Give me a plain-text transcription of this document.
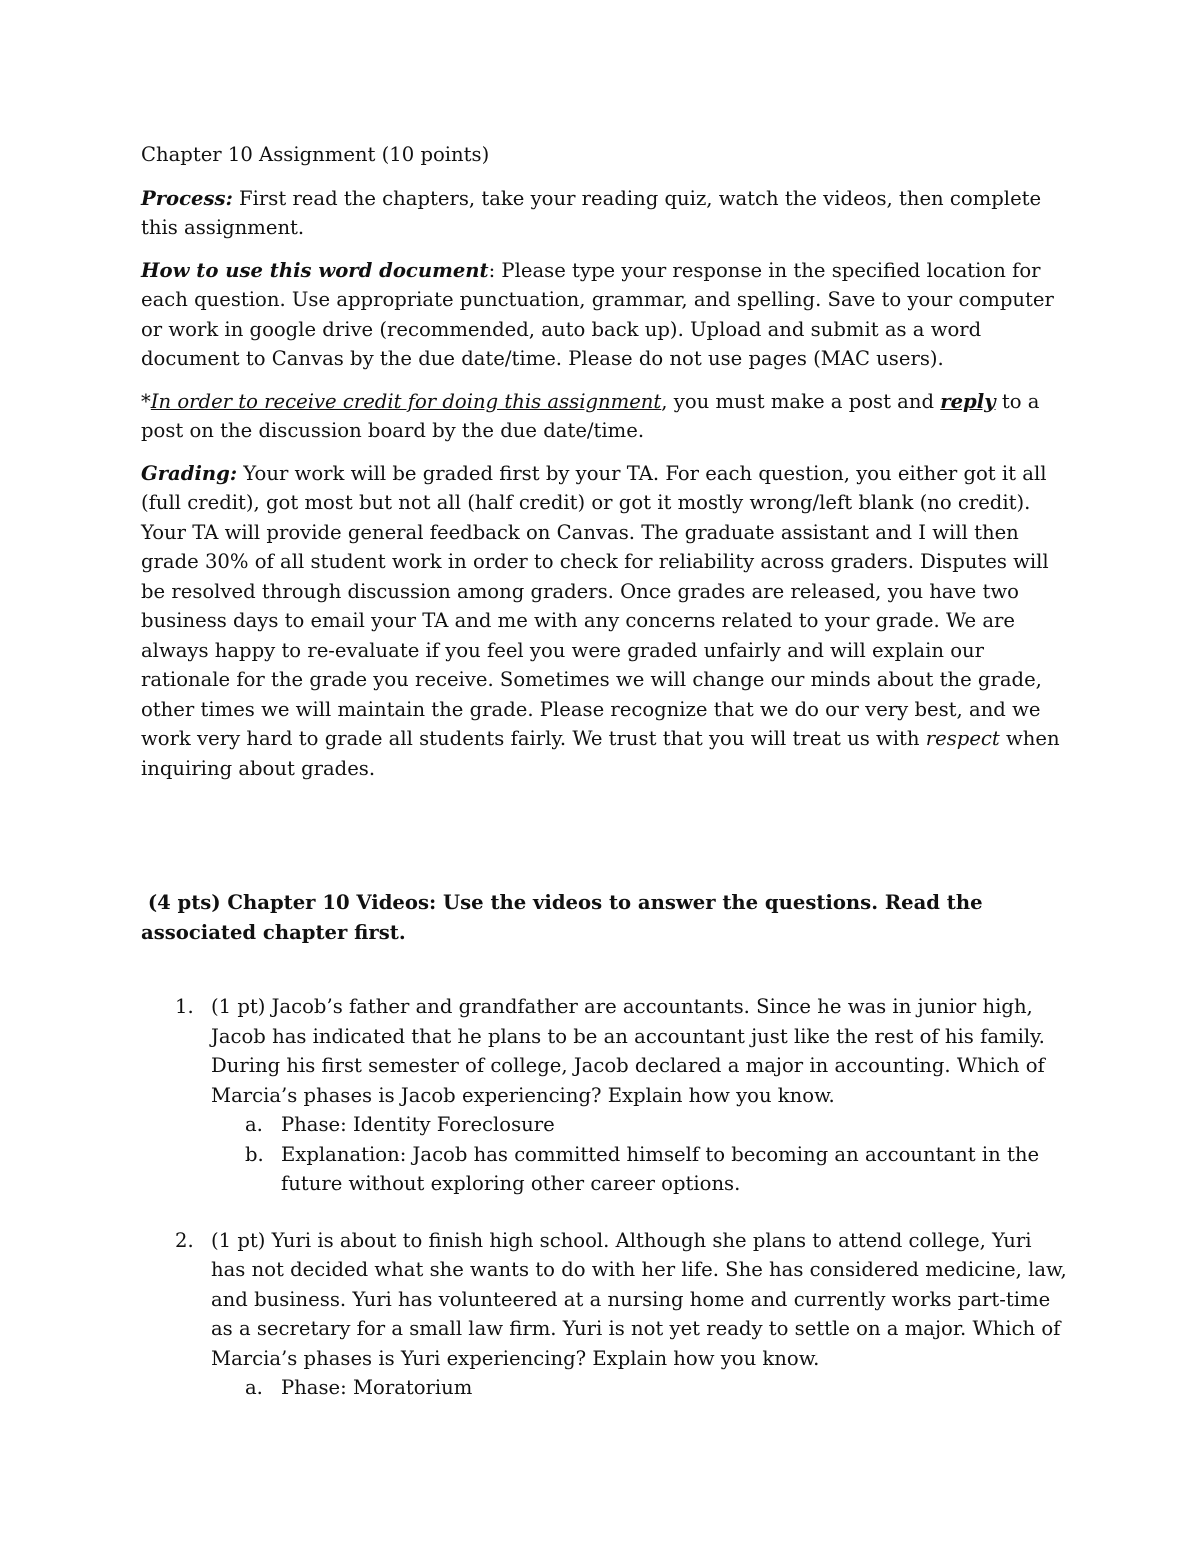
Chapter 10 Assignment (10 points)

Process: First read the chapters, take your reading quiz, watch the videos, then complete this assignment.

How to use this word document: Please type your response in the specified location for each question. Use appropriate punctuation, grammar, and spelling. Save to your computer or work in google drive (recommended, auto back up). Upload and submit as a word document to Canvas by the due date/time. Please do not use pages (MAC users).

*In order to receive credit for doing this assignment, you must make a post and reply to a post on the discussion board by the due date/time.

Grading: Your work will be graded first by your TA. For each question, you either got it all (full credit), got most but not all (half credit) or got it mostly wrong/left blank (no credit). Your TA will provide general feedback on Canvas. The graduate assistant and I will then grade 30% of all student work in order to check for reliability across graders. Disputes will be resolved through discussion among graders. Once grades are released, you have two business days to email your TA and me with any concerns related to your grade. We are always happy to re-evaluate if you feel you were graded unfairly and will explain our rationale for the grade you receive. Sometimes we will change our minds about the grade, other times we will maintain the grade. Please recognize that we do our very best, and we work very hard to grade all students fairly. We trust that you will treat us with respect when inquiring about grades.

(4 pts) Chapter 10 Videos: Use the videos to answer the questions. Read the associated chapter first.

1. (1 pt) Jacob’s father and grandfather are accountants. Since he was in junior high, Jacob has indicated that he plans to be an accountant just like the rest of his family. During his first semester of college, Jacob declared a major in accounting. Which of Marcia’s phases is Jacob experiencing? Explain how you know.
a. Phase: Identity Foreclosure
b. Explanation: Jacob has committed himself to becoming an accountant in the future without exploring other career options.
2. (1 pt) Yuri is about to finish high school. Although she plans to attend college, Yuri has not decided what she wants to do with her life. She has considered medicine, law, and business. Yuri has volunteered at a nursing home and currently works part-time as a secretary for a small law firm. Yuri is not yet ready to settle on a major. Which of Marcia’s phases is Yuri experiencing? Explain how you know.
a. Phase: Moratorium
